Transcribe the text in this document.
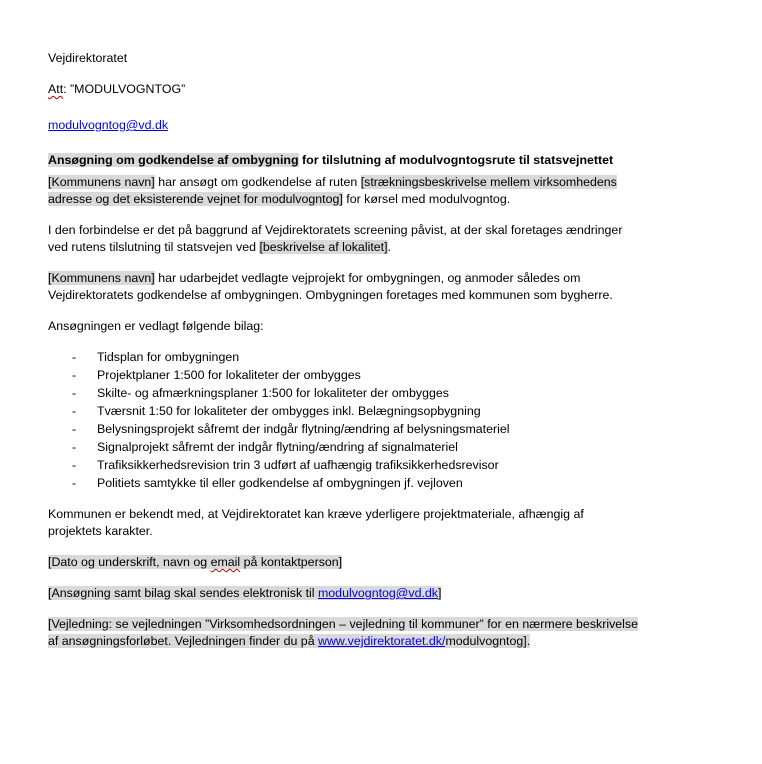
Vejdirektoratet

Att: ”MODULVOGNTOG”

modulvogntog@vd.dk

Ansøgning om godkendelse af ombygning for tilslutning af modulvogntogsrute til statsvejnettet

[Kommunens navn] har ansøgt om godkendelse af ruten [strækningsbeskrivelse mellem virksomhedens

adresse og det eksisterende vejnet for modulvogntog] for kørsel med modulvogntog.

I den forbindelse er det på baggrund af Vejdirektoratets screening påvist, at der skal foretages ændringer

ved rutens tilslutning til statsvejen ved [beskrivelse af lokalitet].

[Kommunens navn] har udarbejdet vedlagte vejprojekt for ombygningen, og anmoder således om

Vejdirektoratets godkendelse af ombygningen. Ombygningen foretages med kommunen som bygherre.

Ansøgningen er vedlagt følgende bilag:

- Tidsplan for ombygningen
- Projektplaner 1:500 for lokaliteter der ombygges
- Skilte- og afmærkningsplaner 1:500 for lokaliteter der ombygges
- Tværsnit 1:50 for lokaliteter der ombygges inkl. Belægningsopbygning
- Belysningsprojekt såfremt der indgår flytning/ændring af belysningsmateriel
- Signalprojekt såfremt der indgår flytning/ændring af signalmateriel
- Trafiksikkerhedsrevision trin 3 udført af uafhængig trafiksikkerhedsrevisor
- Politiets samtykke til eller godkendelse af ombygningen jf. vejloven

Kommunen er bekendt med, at Vejdirektoratet kan kræve yderligere projektmateriale, afhængig af

projektets karakter.

[Dato og underskrift, navn og email på kontaktperson]

[Ansøgning samt bilag skal sendes elektronisk til modulvogntog@vd.dk]

[Vejledning: se vejledningen ”Virksomhedsordningen – vejledning til kommuner” for en nærmere beskrivelse

af ansøgningsforløbet. Vejledningen finder du på www.vejdirektoratet.dk/modulvogntog].
